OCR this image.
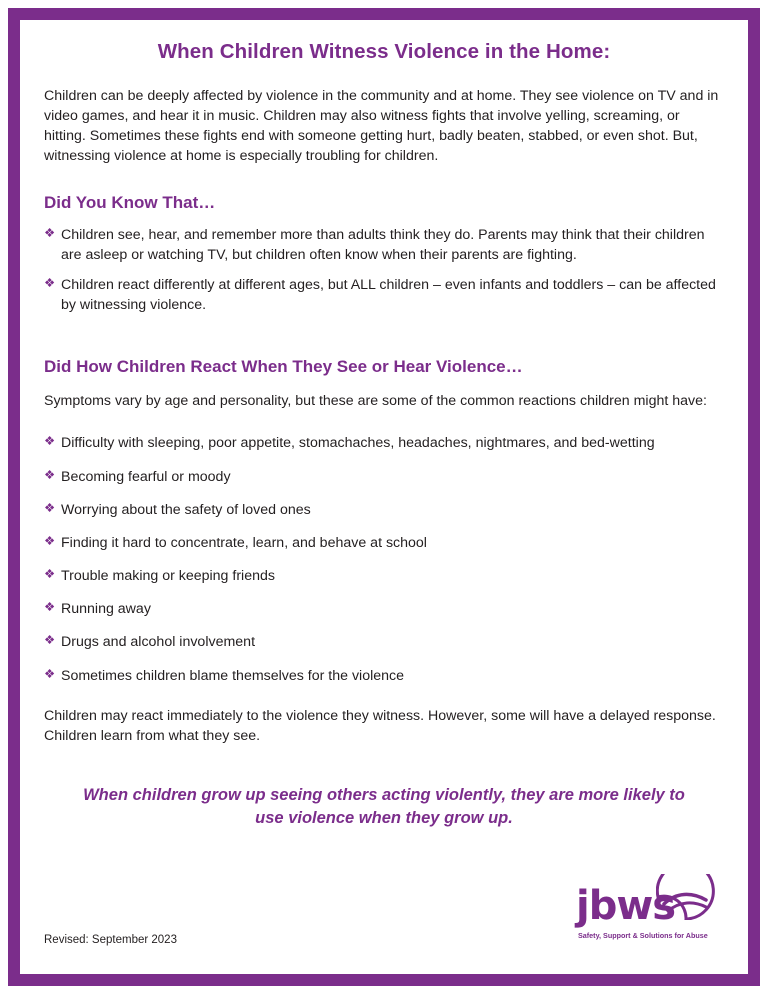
When Children Witness Violence in the Home:

Children can be deeply affected by violence in the community and at home. They see violence on TV and in video games, and hear it in music. Children may also witness fights that involve yelling, screaming, or hitting. Sometimes these fights end with someone getting hurt, badly beaten, stabbed, or even shot. But, witnessing violence at home is especially troubling for children.

Did You Know That…
❖ Children see, hear, and remember more than adults think they do. Parents may think that their children are asleep or watching TV, but children often know when their parents are fighting.
❖ Children react differently at different ages, but ALL children – even infants and toddlers – can be affected by witnessing violence.
Did How Children React When They See or Hear Violence…

Symptoms vary by age and personality, but these are some of the common reactions children might have:

❖ Difficulty with sleeping, poor appetite, stomachaches, headaches, nightmares, and bed-wetting
❖ Becoming fearful or moody
❖ Worrying about the safety of loved ones
❖ Finding it hard to concentrate, learn, and behave at school
❖ Trouble making or keeping friends
❖ Running away
❖ Drugs and alcohol involvement
❖ Sometimes children blame themselves for the violence

Children may react immediately to the violence they witness. However, some will have a delayed response. Children learn from what they see.

When children grow up seeing others acting violently, they are more likely to use violence when they grow up.

Revised: September 2023
jbws
Safety, Support & Solutions for Abuse
